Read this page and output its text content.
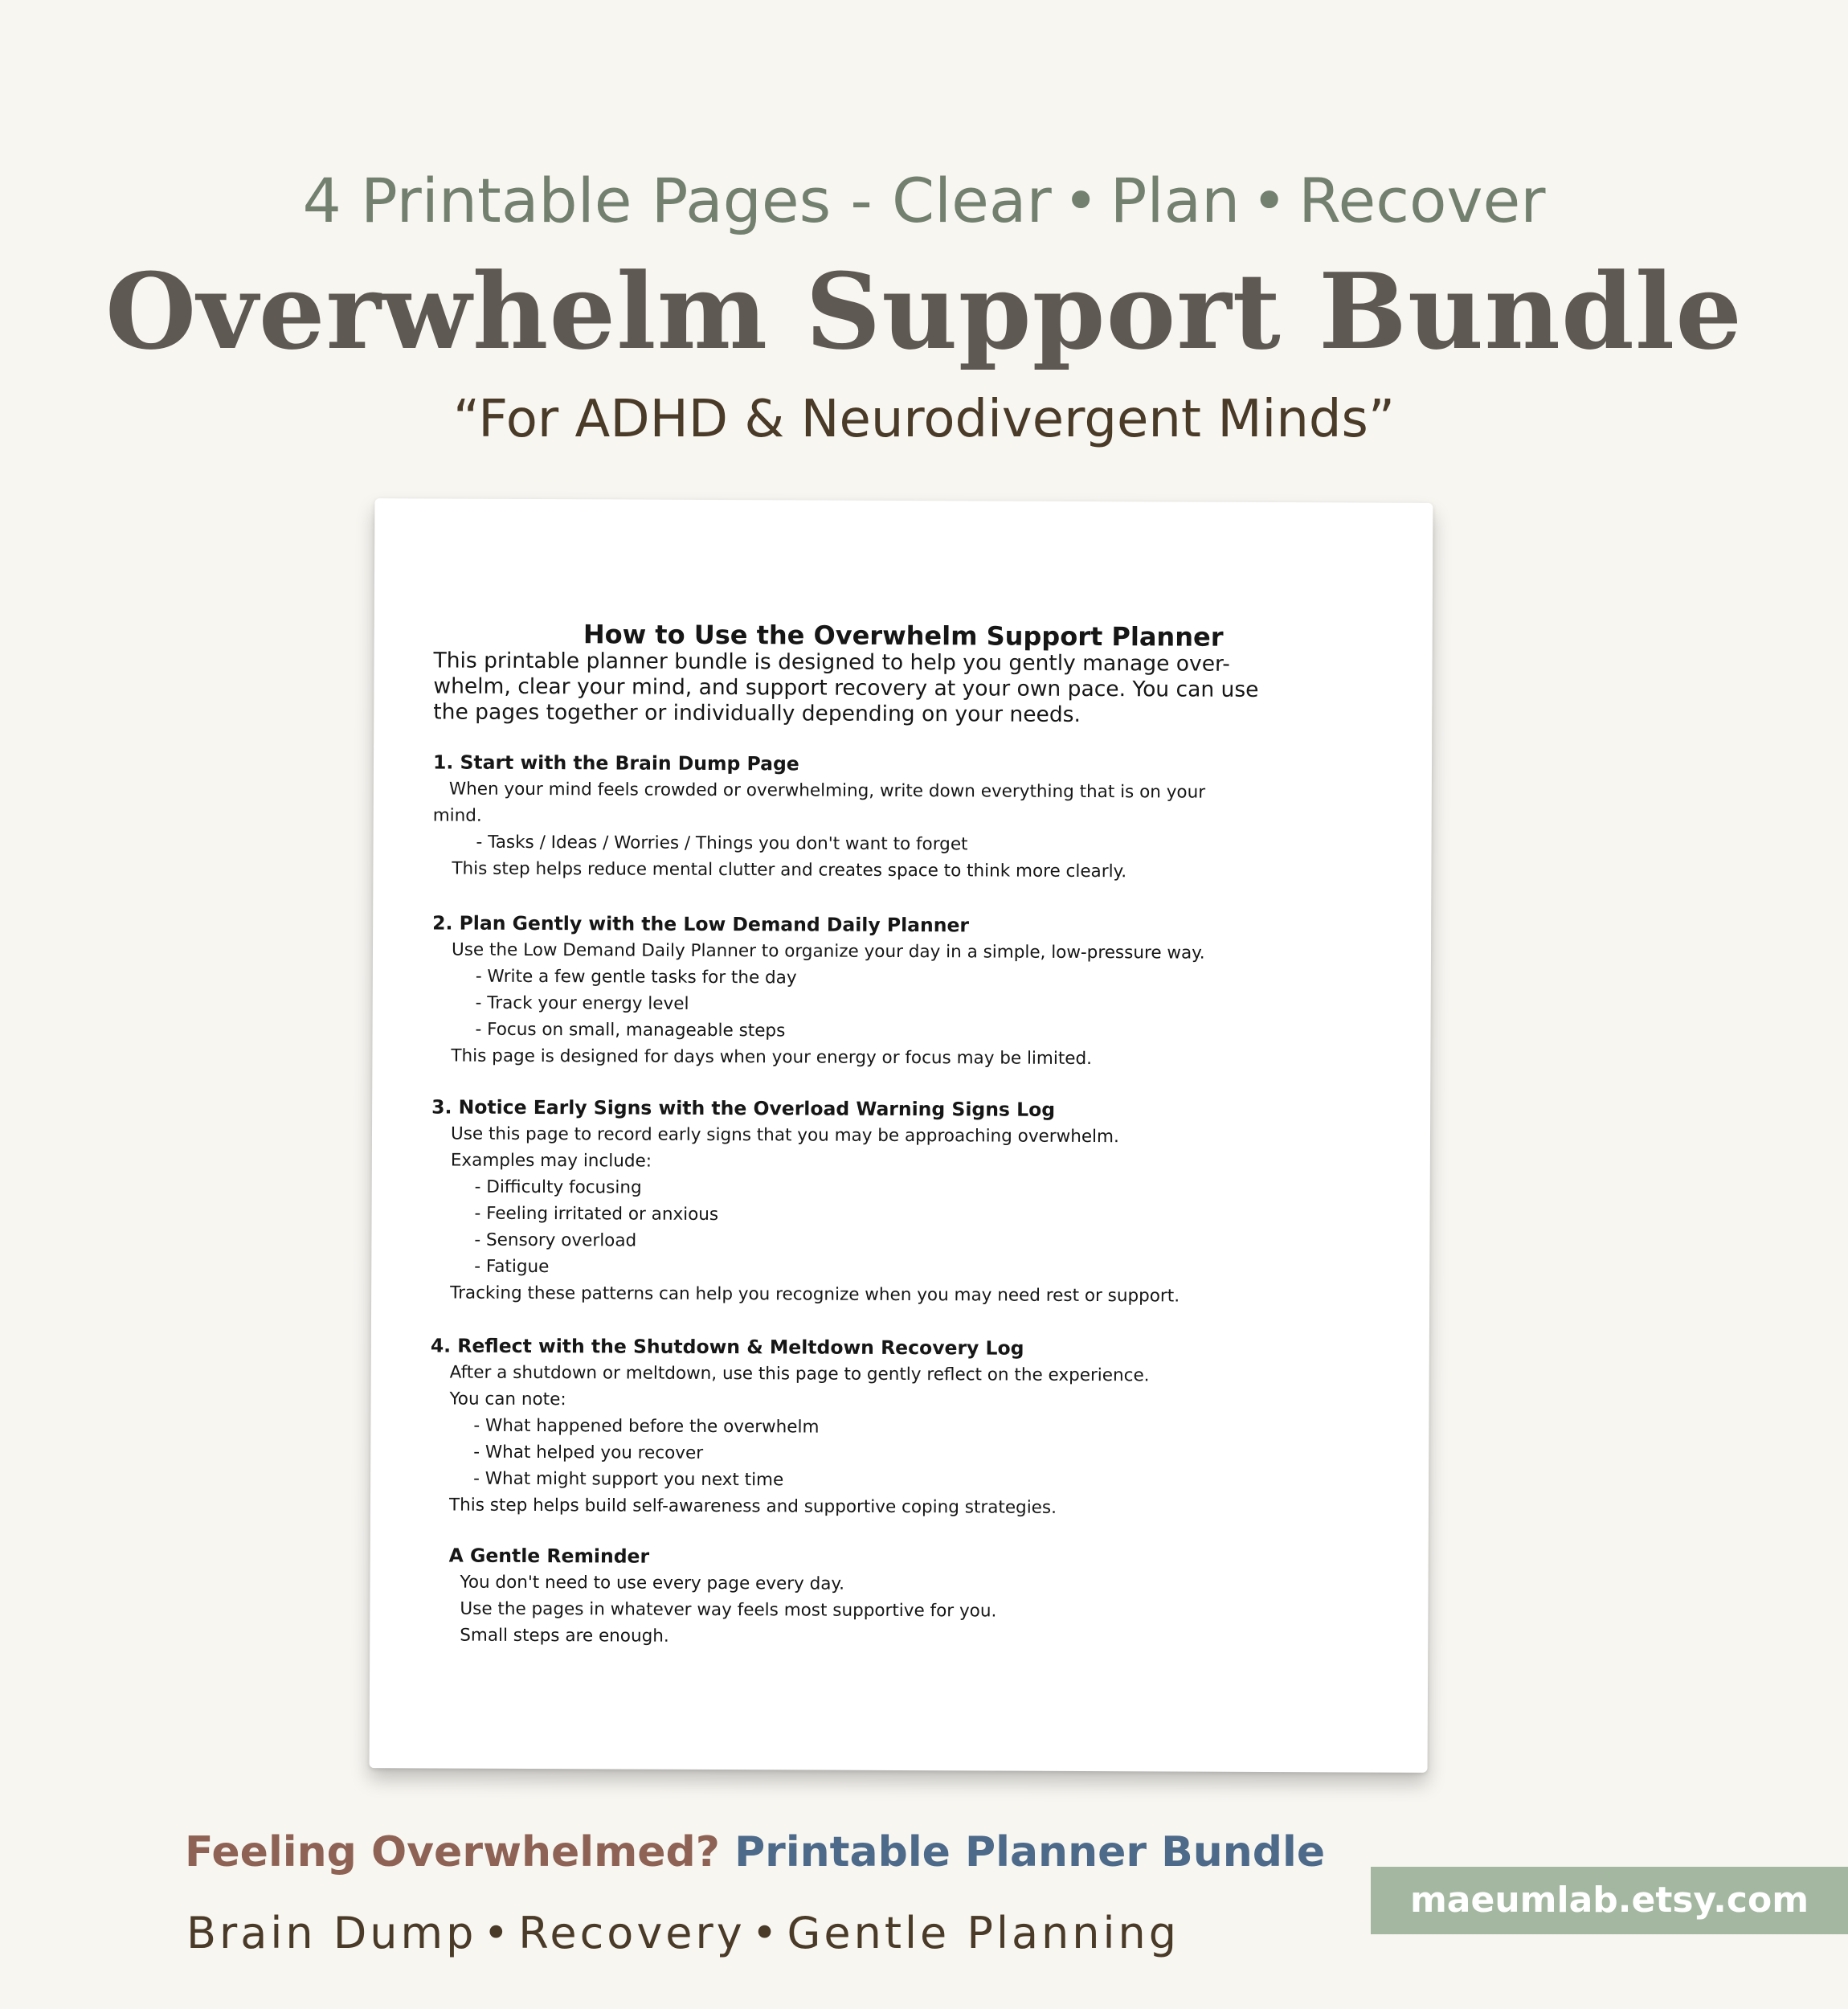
4 Printable Pages - Clear • Plan • Recover
Overwhelm Support Bundle
“For ADHD & Neurodivergent Minds”
How to Use the Overwhelm Support Planner
This printable planner bundle is designed to help you gently manage over-
whelm, clear your mind, and support recovery at your own pace. You can use
the pages together or individually depending on your needs.
1. Start with the Brain Dump Page
When your mind feels crowded or overwhelming, write down everything that is on your
mind.
- Tasks / Ideas / Worries / Things you don't want to forget
This step helps reduce mental clutter and creates space to think more clearly.
2. Plan Gently with the Low Demand Daily Planner
Use the Low Demand Daily Planner to organize your day in a simple, low-pressure way.
- Write a few gentle tasks for the day
- Track your energy level
- Focus on small, manageable steps
This page is designed for days when your energy or focus may be limited.
3. Notice Early Signs with the Overload Warning Signs Log
Use this page to record early signs that you may be approaching overwhelm.
Examples may include:
- Difficulty focusing
- Feeling irritated or anxious
- Sensory overload
- Fatigue
Tracking these patterns can help you recognize when you may need rest or support.
4. Reflect with the Shutdown & Meltdown Recovery Log
After a shutdown or meltdown, use this page to gently reflect on the experience.
You can note:
- What happened before the overwhelm
- What helped you recover
- What might support you next time
This step helps build self-awareness and supportive coping strategies.
A Gentle Reminder
You don't need to use every page every day.
Use the pages in whatever way feels most supportive for you.
Small steps are enough.
Feeling Overwhelmed? Printable Planner Bundle
Brain Dump • Recovery • Gentle Planning
maeumlab.etsy.com
